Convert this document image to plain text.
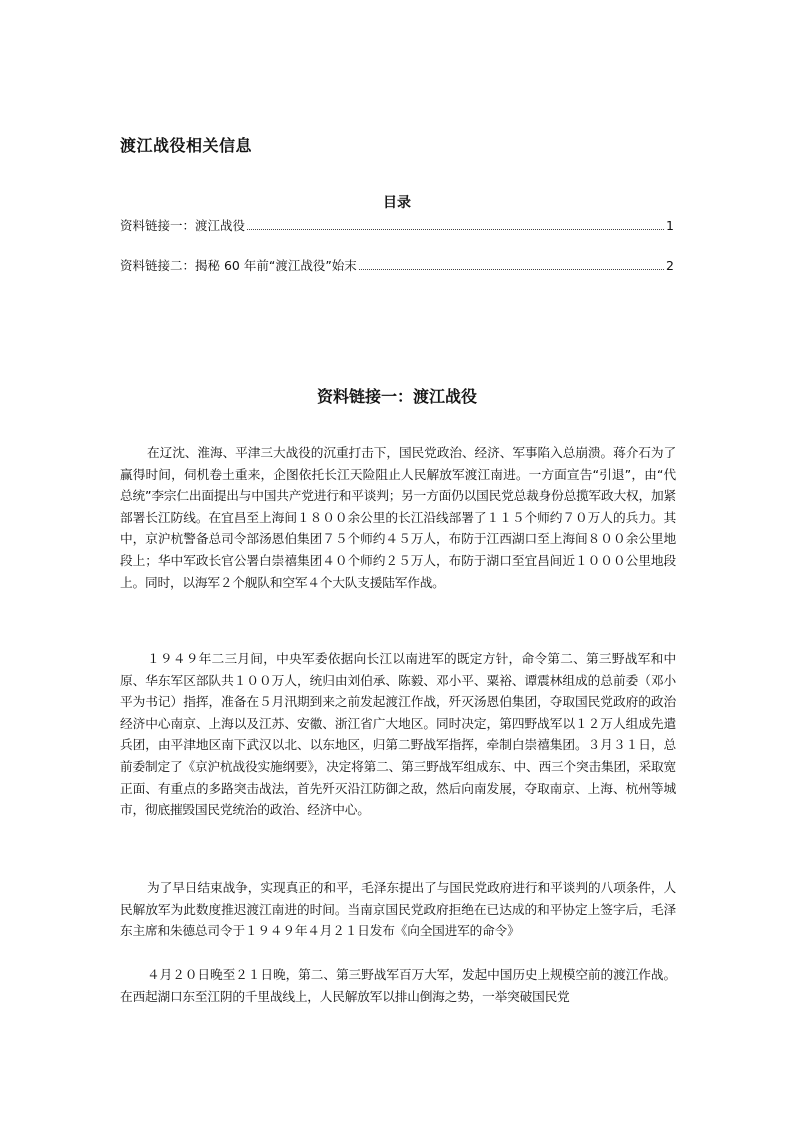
渡江战役相关信息
目录
资料链接一：渡江战役	1
资料链接二：揭秘 60 年前“渡江战役”始末	2
资料链接一：渡江战役

在辽沈、淮海、平津三大战役的沉重打击下，国民党政治、经济、军事陷入总崩溃。蒋介石为了赢得时间，伺机卷土重来，企图依托长江天险阻止人民解放军渡江南进。一方面宣告“引退”，由“代总统”李宗仁出面提出与中国共产党进行和平谈判；另一方面仍以国民党总裁身份总揽军政大权，加紧部署长江防线。在宜昌至上海间１８００余公里的长江沿线部署了１１５个师约７０万人的兵力。其中，京沪杭警备总司令部汤恩伯集团７５个师约４５万人，布防于江西湖口至上海间８００余公里地段上；华中军政长官公署白崇禧集团４０个师约２５万人，布防于湖口至宜昌间近１０００公里地段上。同时，以海军２个舰队和空军４个大队支援陆军作战。

１９４９年二三月间，中央军委依据向长江以南进军的既定方针，命令第二、第三野战军和中原、华东军区部队共１００万人，统归由刘伯承、陈毅、邓小平、粟裕、谭震林组成的总前委（邓小平为书记）指挥，准备在５月汛期到来之前发起渡江作战，歼灭汤恩伯集团，夺取国民党政府的政治经济中心南京、上海以及江苏、安徽、浙江省广大地区。同时决定，第四野战军以１２万人组成先遣兵团，由平津地区南下武汉以北、以东地区，归第二野战军指挥，牵制白崇禧集团。３月３１日，总前委制定了《京沪杭战役实施纲要》，决定将第二、第三野战军组成东、中、西三个突击集团，采取宽正面、有重点的多路突击战法，首先歼灭沿江防御之敌，然后向南发展，夺取南京、上海、杭州等城市，彻底摧毁国民党统治的政治、经济中心。

为了早日结束战争，实现真正的和平，毛泽东提出了与国民党政府进行和平谈判的八项条件，人民解放军为此数度推迟渡江南进的时间。当南京国民党政府拒绝在已达成的和平协定上签字后，毛泽东主席和朱德总司令于１９４９年４月２１日发布《向全国进军的命令》

４月２０日晚至２１日晚，第二、第三野战军百万大军，发起中国历史上规模空前的渡江作战。在西起湖口东至江阴的千里战线上，人民解放军以排山倒海之势，一举突破国民党
